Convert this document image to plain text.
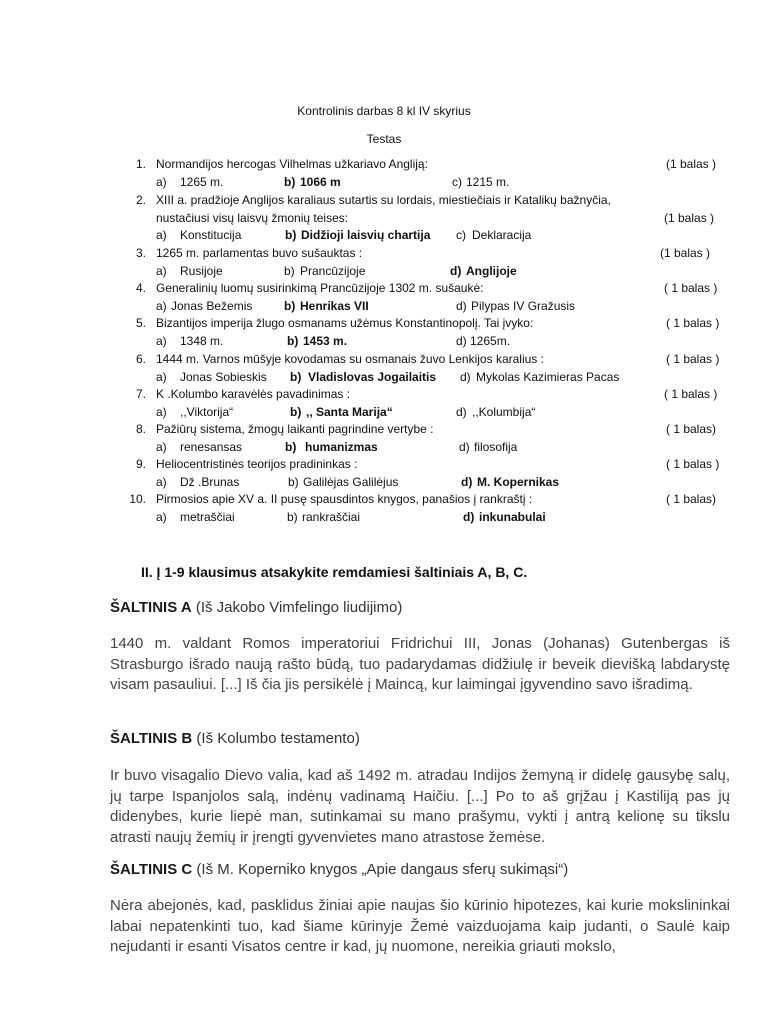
Kontrolinis darbas 8 kl IV skyrius
Testas
1. Normandijos hercogas Vilhelmas užkariavo Angliją:	(1 balas )
a) 1265 m.	b) 1066 m	c) 1215 m.
2. XIII a. pradžioje Anglijos karaliaus sutartis su lordais, miestiečiais ir Katalikų bažnyčia,
nustačiusi visų laisvų žmonių teises:	(1 balas )
a) Konstitucija	b) Didžioji laisvių chartija c) Deklaracija
3. 1265 m. parlamentas buvo sušauktas :	(1 balas )
a) Rusijoje	b) Prancūzijoje	d) Anglijoje
4. Generalinių luomų susirinkimą Prancūzijoje 1302 m. sušaukė:	( 1 balas )
a) Jonas Bežemis	b) Henrikas VII	d) Pilypas IV Gražusis
5. Bizantijos imperija žlugo osmanams užėmus Konstantinopolį. Tai įvyko:	( 1 balas )
a) 1348 m.	b) 1453 m.	d) 1265m.
6. 1444 m. Varnos mūšyje kovodamas su osmanais žuvo Lenkijos karalius :	( 1 balas )
a) Jonas Sobieskis b) Vladislovas Jogailaitis d) Mykolas Kazimieras Pacas
7. K .Kolumbo karavėlės pavadinimas :	( 1 balas )
a) ,,Viktorija“	b) ,, Santa Marija“	d) ,,Kolumbija“
8. Pažiūrų sistema, žmogų laikanti pagrindine vertybe :	( 1 balas)
a) renesansas	b) humanizmas	d) filosofija
9. Heliocentristinės teorijos pradininkas :	( 1 balas )
a) Dž .Brunas	b) Galilėjas Galilėjus	d) M. Kopernikas
10. Pirmosios apie XV a. II pusę spausdintos knygos, panašios į rankraštį :	( 1 balas)
a) metraščiai	b) rankraščiai	d) inkunabulai
II. Į 1-9 klausimus atsakykite remdamiesi šaltiniais A, B, C.
ŠALTINIS A (Iš Jakobo Vimfelingo liudijimo)
1440 m. valdant Romos imperatoriui Fridrichui III, Jonas (Johanas) Gutenbergas iš Strasburgo išrado naują rašto būdą, tuo padarydamas didžiulę ir beveik dievišką labdarystę visam pasauliui. [...] Iš čia jis persikėlė į Maincą, kur laimingai įgyvendino savo išradimą.
ŠALTINIS B (Iš Kolumbo testamento)
Ir buvo visagalio Dievo valia, kad aš 1492 m. atradau Indijos žemyną ir didelę gausybę salų, jų tarpe Ispanjolos salą, indėnų vadinamą Haičiu. [...] Po to aš grįžau į Kastiliją pas jų didenybes, kurie liepė man, sutinkamai su mano prašymu, vykti į antrą kelionę su tikslu atrasti naujų žemių ir įrengti gyvenvietes mano atrastose žemėse.
ŠALTINIS C (Iš M. Koperniko knygos „Apie dangaus sferų sukimąsi“)
Nėra abejonės, kad, pasklidus žiniai apie naujas šio kūrinio hipotezes, kai kurie mokslininkai labai nepatenkinti tuo, kad šiame kūrinyje Žemė vaizduojama kaip judanti, o Saulė kaip nejudanti ir esanti Visatos centre ir kad, jų nuomone, nereikia griauti mokslo,
